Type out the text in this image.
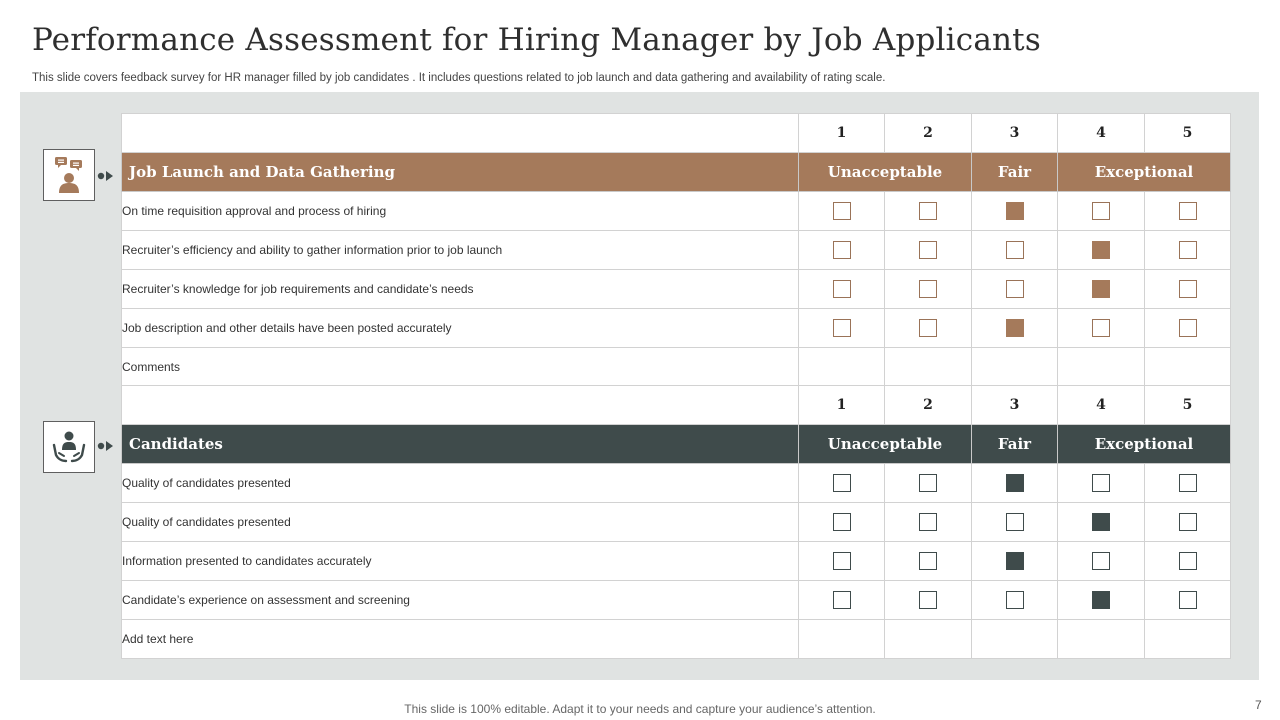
Performance Assessment for Hiring Manager by Job Applicants
This slide covers feedback survey for HR manager filled by job candidates . It includes questions related to job launch and data gathering and availability of rating scale.
	1	2	3	4	5
Job Launch and Data Gathering	Unacceptable		Fair	Exceptional	
On time requisition approval and process of hiring					
Recruiter’s efficiency and ability to gather information prior to job launch					
Recruiter’s knowledge for job requirements and candidate’s needs					
Job description and other details have been posted accurately					
Comments					
	1	2	3	4	5
Candidates	Unacceptable		Fair	Exceptional	
Quality of candidates presented					
Quality of candidates presented					
Information presented to candidates accurately					
Candidate’s experience on assessment and screening					
Add text here					
This slide is 100% editable. Adapt it to your needs and capture your audience’s attention.	7
